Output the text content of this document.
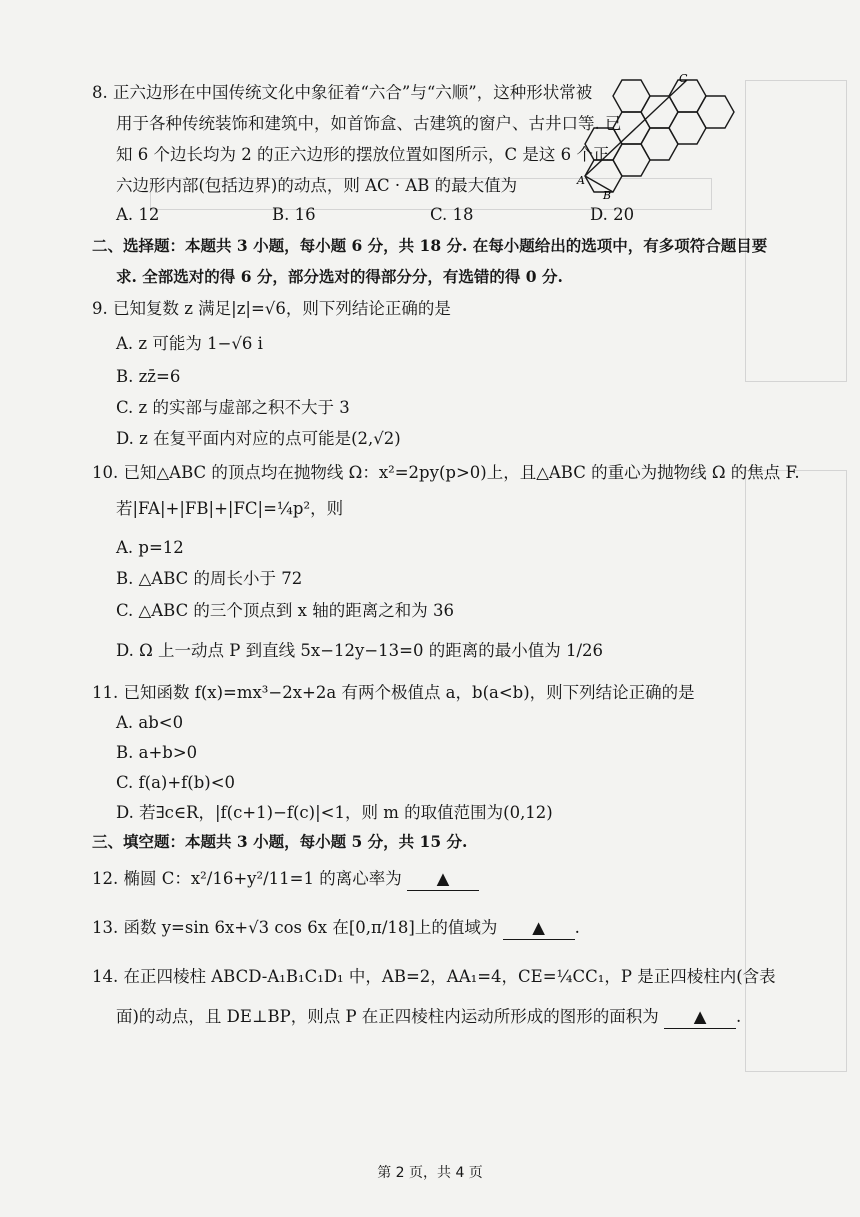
8. 正六边形在中国传统文化中象征着“六合”与“六顺”，这种形状常被
用于各种传统装饰和建筑中，如首饰盒、古建筑的窗户、古井口等. 已
知 6 个边长均为 2 的正六边形的摆放位置如图所示，C 是这 6 个正
六边形内部(包括边界)的动点，则 AC · AB 的最大值为
C
A
B
A. 12	B. 16	C. 18	D. 20
二、选择题：本题共 3 小题，每小题 6 分，共 18 分. 在每小题给出的选项中，有多项符合题目要
求. 全部选对的得 6 分，部分选对的得部分分，有选错的得 0 分.
9. 已知复数 z 满足|z|=√6，则下列结论正确的是
A. z 可能为 1−√6 i
B. zz̄=6
C. z 的实部与虚部之积不大于 3
D. z 在复平面内对应的点可能是(2,√2)
10. 已知△ABC 的顶点均在抛物线 Ω：x²=2py(p>0)上，且△ABC 的重心为抛物线 Ω 的焦点 F.
若|FA|+|FB|+|FC|=¼p²，则
A. p=12
B. △ABC 的周长小于 72
C. △ABC 的三个顶点到 x 轴的距离之和为 36
D. Ω 上一动点 P 到直线 5x−12y−13=0 的距离的最小值为 1/26
11. 已知函数 f(x)=mx³−2x+2a 有两个极值点 a，b(a<b)，则下列结论正确的是
A. ab<0
B. a+b>0
C. f(a)+f(b)<0
D. 若∃c∈R，|f(c+1)−f(c)|<1，则 m 的取值范围为(0,12)
三、填空题：本题共 3 小题，每小题 5 分，共 15 分.
12. 椭圆 C：x²/16+y²/11=1 的离心率为 ▲
13. 函数 y=sin 6x+√3 cos 6x 在[0,π/18]上的值域为 ▲ .
14. 在正四棱柱 ABCD-A₁B₁C₁D₁ 中，AB=2，AA₁=4，CE=¼CC₁，P 是正四棱柱内(含表
面)的动点，且 DE⊥BP，则点 P 在正四棱柱内运动所形成的图形的面积为 ▲ .
第 2 页，共 4 页
